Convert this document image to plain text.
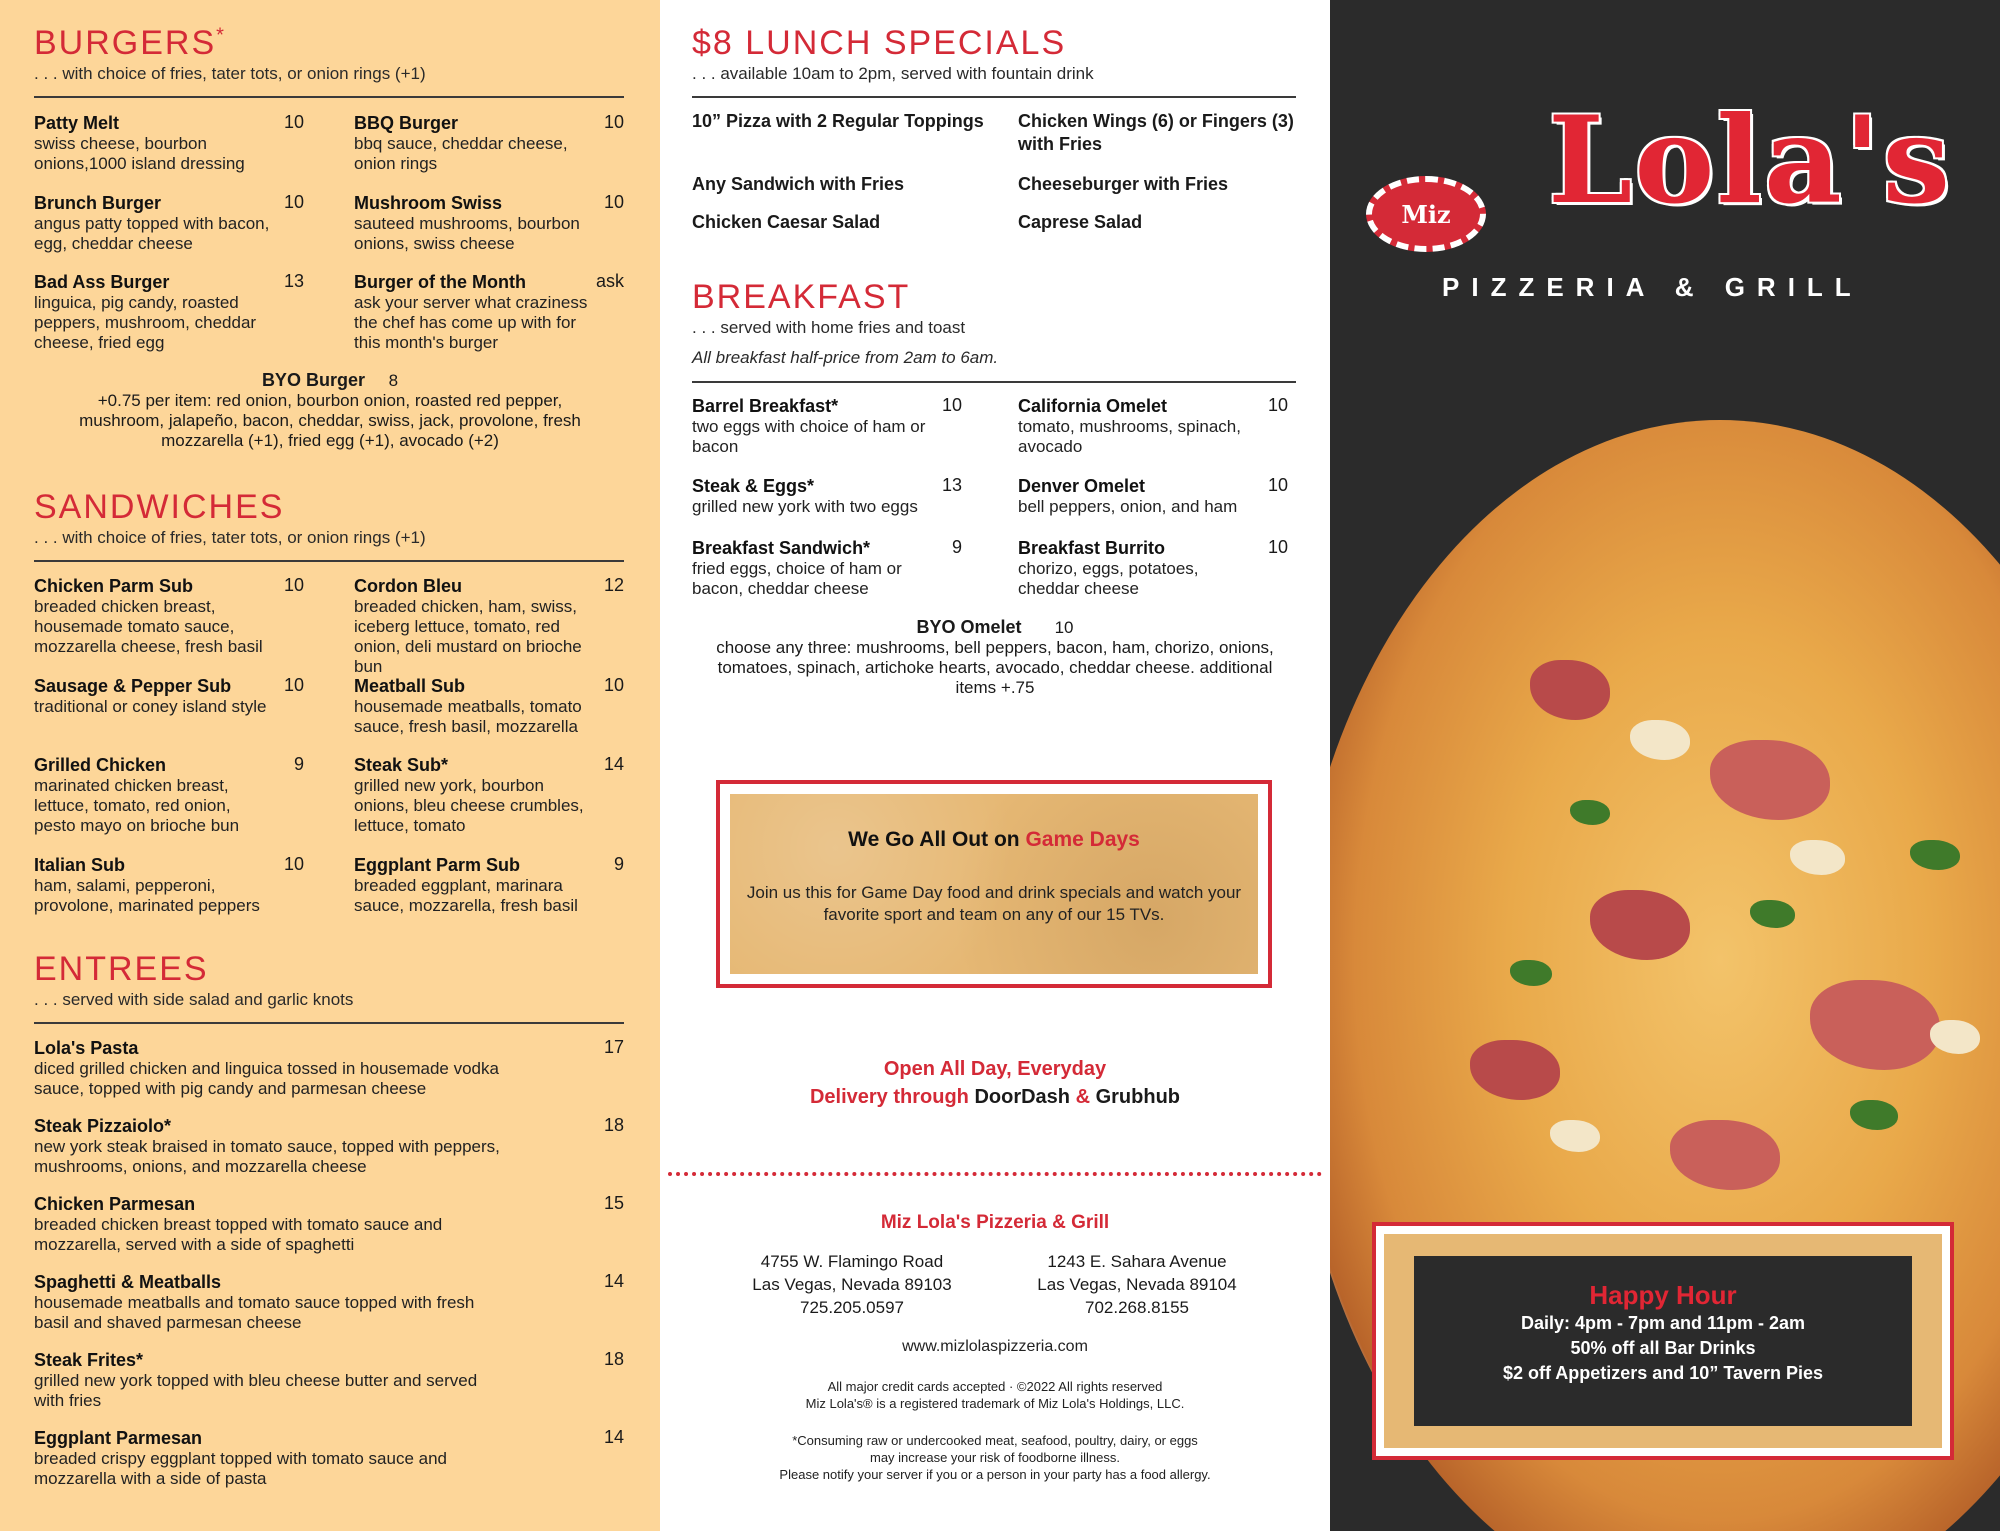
BURGERS*
. . . with choice of fries, tater tots, or onion rings (+1)
Patty Melt	10
swiss cheese, bourbon onions,1000 island dressing
BBQ Burger	10
bbq sauce, cheddar cheese, onion rings
Brunch Burger	10
angus patty topped with bacon, egg, cheddar cheese
Mushroom Swiss	10
sauteed mushrooms, bourbon onions, swiss cheese
Bad Ass Burger	13
linguica, pig candy, roasted peppers, mushroom, cheddar cheese, fried egg
Burger of the Month	ask
ask your server what craziness the chef has come up with for this month's burger
BYO Burger 8
+0.75 per item: red onion, bourbon onion, roasted red pepper, mushroom, jalapeño, bacon, cheddar, swiss, jack, provolone, fresh mozzarella (+1), fried egg (+1), avocado (+2)
SANDWICHES
. . . with choice of fries, tater tots, or onion rings (+1)
Chicken Parm Sub	10
breaded chicken breast, housemade tomato sauce, mozzarella cheese, fresh basil
Cordon Bleu	12
breaded chicken, ham, swiss, iceberg lettuce, tomato, red onion, deli mustard on brioche bun
Sausage & Pepper Sub	10
traditional or coney island style
Meatball Sub	10
housemade meatballs, tomato sauce, fresh basil, mozzarella
Grilled Chicken	9
marinated chicken breast, lettuce, tomato, red onion, pesto mayo on brioche bun
Steak Sub*	14
grilled new york, bourbon onions, bleu cheese crumbles, lettuce, tomato
Italian Sub	10
ham, salami, pepperoni, provolone, marinated peppers
Eggplant Parm Sub	9
breaded eggplant, marinara sauce, mozzarella, fresh basil
ENTREES
. . . served with side salad and garlic knots
Lola's Pasta	17
diced grilled chicken and linguica tossed in housemade vodka sauce, topped with pig candy and parmesan cheese
Steak Pizzaiolo*	18
new york steak braised in tomato sauce, topped with peppers, mushrooms, onions, and mozzarella cheese
Chicken Parmesan	15
breaded chicken breast topped with tomato sauce and mozzarella, served with a side of spaghetti
Spaghetti & Meatballs	14
housemade meatballs and tomato sauce topped with fresh basil and shaved parmesan cheese
Steak Frites*	18
grilled new york topped with bleu cheese butter and served with fries
Eggplant Parmesan	14
breaded crispy eggplant topped with tomato sauce and mozzarella with a side of pasta
$8 LUNCH SPECIALS
. . . available 10am to 2pm, served with fountain drink
10” Pizza with 2 Regular Toppings	Chicken Wings (6) or Fingers (3) with Fries
Any Sandwich with Fries	Cheeseburger with Fries
Chicken Caesar Salad	Caprese Salad
BREAKFAST
. . . served with home fries and toast
All breakfast half-price from 2am to 6am.
Barrel Breakfast*	10
two eggs with choice of ham or bacon
California Omelet	10
tomato, mushrooms, spinach, avocado
Steak & Eggs*	13
grilled new york with two eggs
Denver Omelet	10
bell peppers, onion, and ham
Breakfast Sandwich*	9
fried eggs, choice of ham or bacon, cheddar cheese
Breakfast Burrito	10
chorizo, eggs, potatoes, cheddar cheese
BYO Omelet 10
choose any three: mushrooms, bell peppers, bacon, ham, chorizo, onions, tomatoes, spinach, artichoke hearts, avocado, cheddar cheese. additional items +.75
We Go All Out on Game Days
Join us this for Game Day food and drink specials and watch your favorite sport and team on any of our 15 TVs.
Open All Day, Everyday
Delivery through DoorDash & Grubhub
Miz Lola's Pizzeria & Grill
4755 W. Flamingo Road
Las Vegas, Nevada 89103
725.205.0597
1243 E. Sahara Avenue
Las Vegas, Nevada 89104
702.268.8155
www.mizlolaspizzeria.com
All major credit cards accepted · ©2022 All rights reserved
Miz Lola's® is a registered trademark of Miz Lola's Holdings, LLC.
*Consuming raw or undercooked meat, seafood, poultry, dairy, or eggs
may increase your risk of foodborne illness.
Please notify your server if you or a person in your party has a food allergy.
Miz Lola's
PIZZERIA & GRILL
Happy Hour
Daily: 4pm - 7pm and 11pm - 2am
50% off all Bar Drinks
$2 off Appetizers and 10” Tavern Pies
